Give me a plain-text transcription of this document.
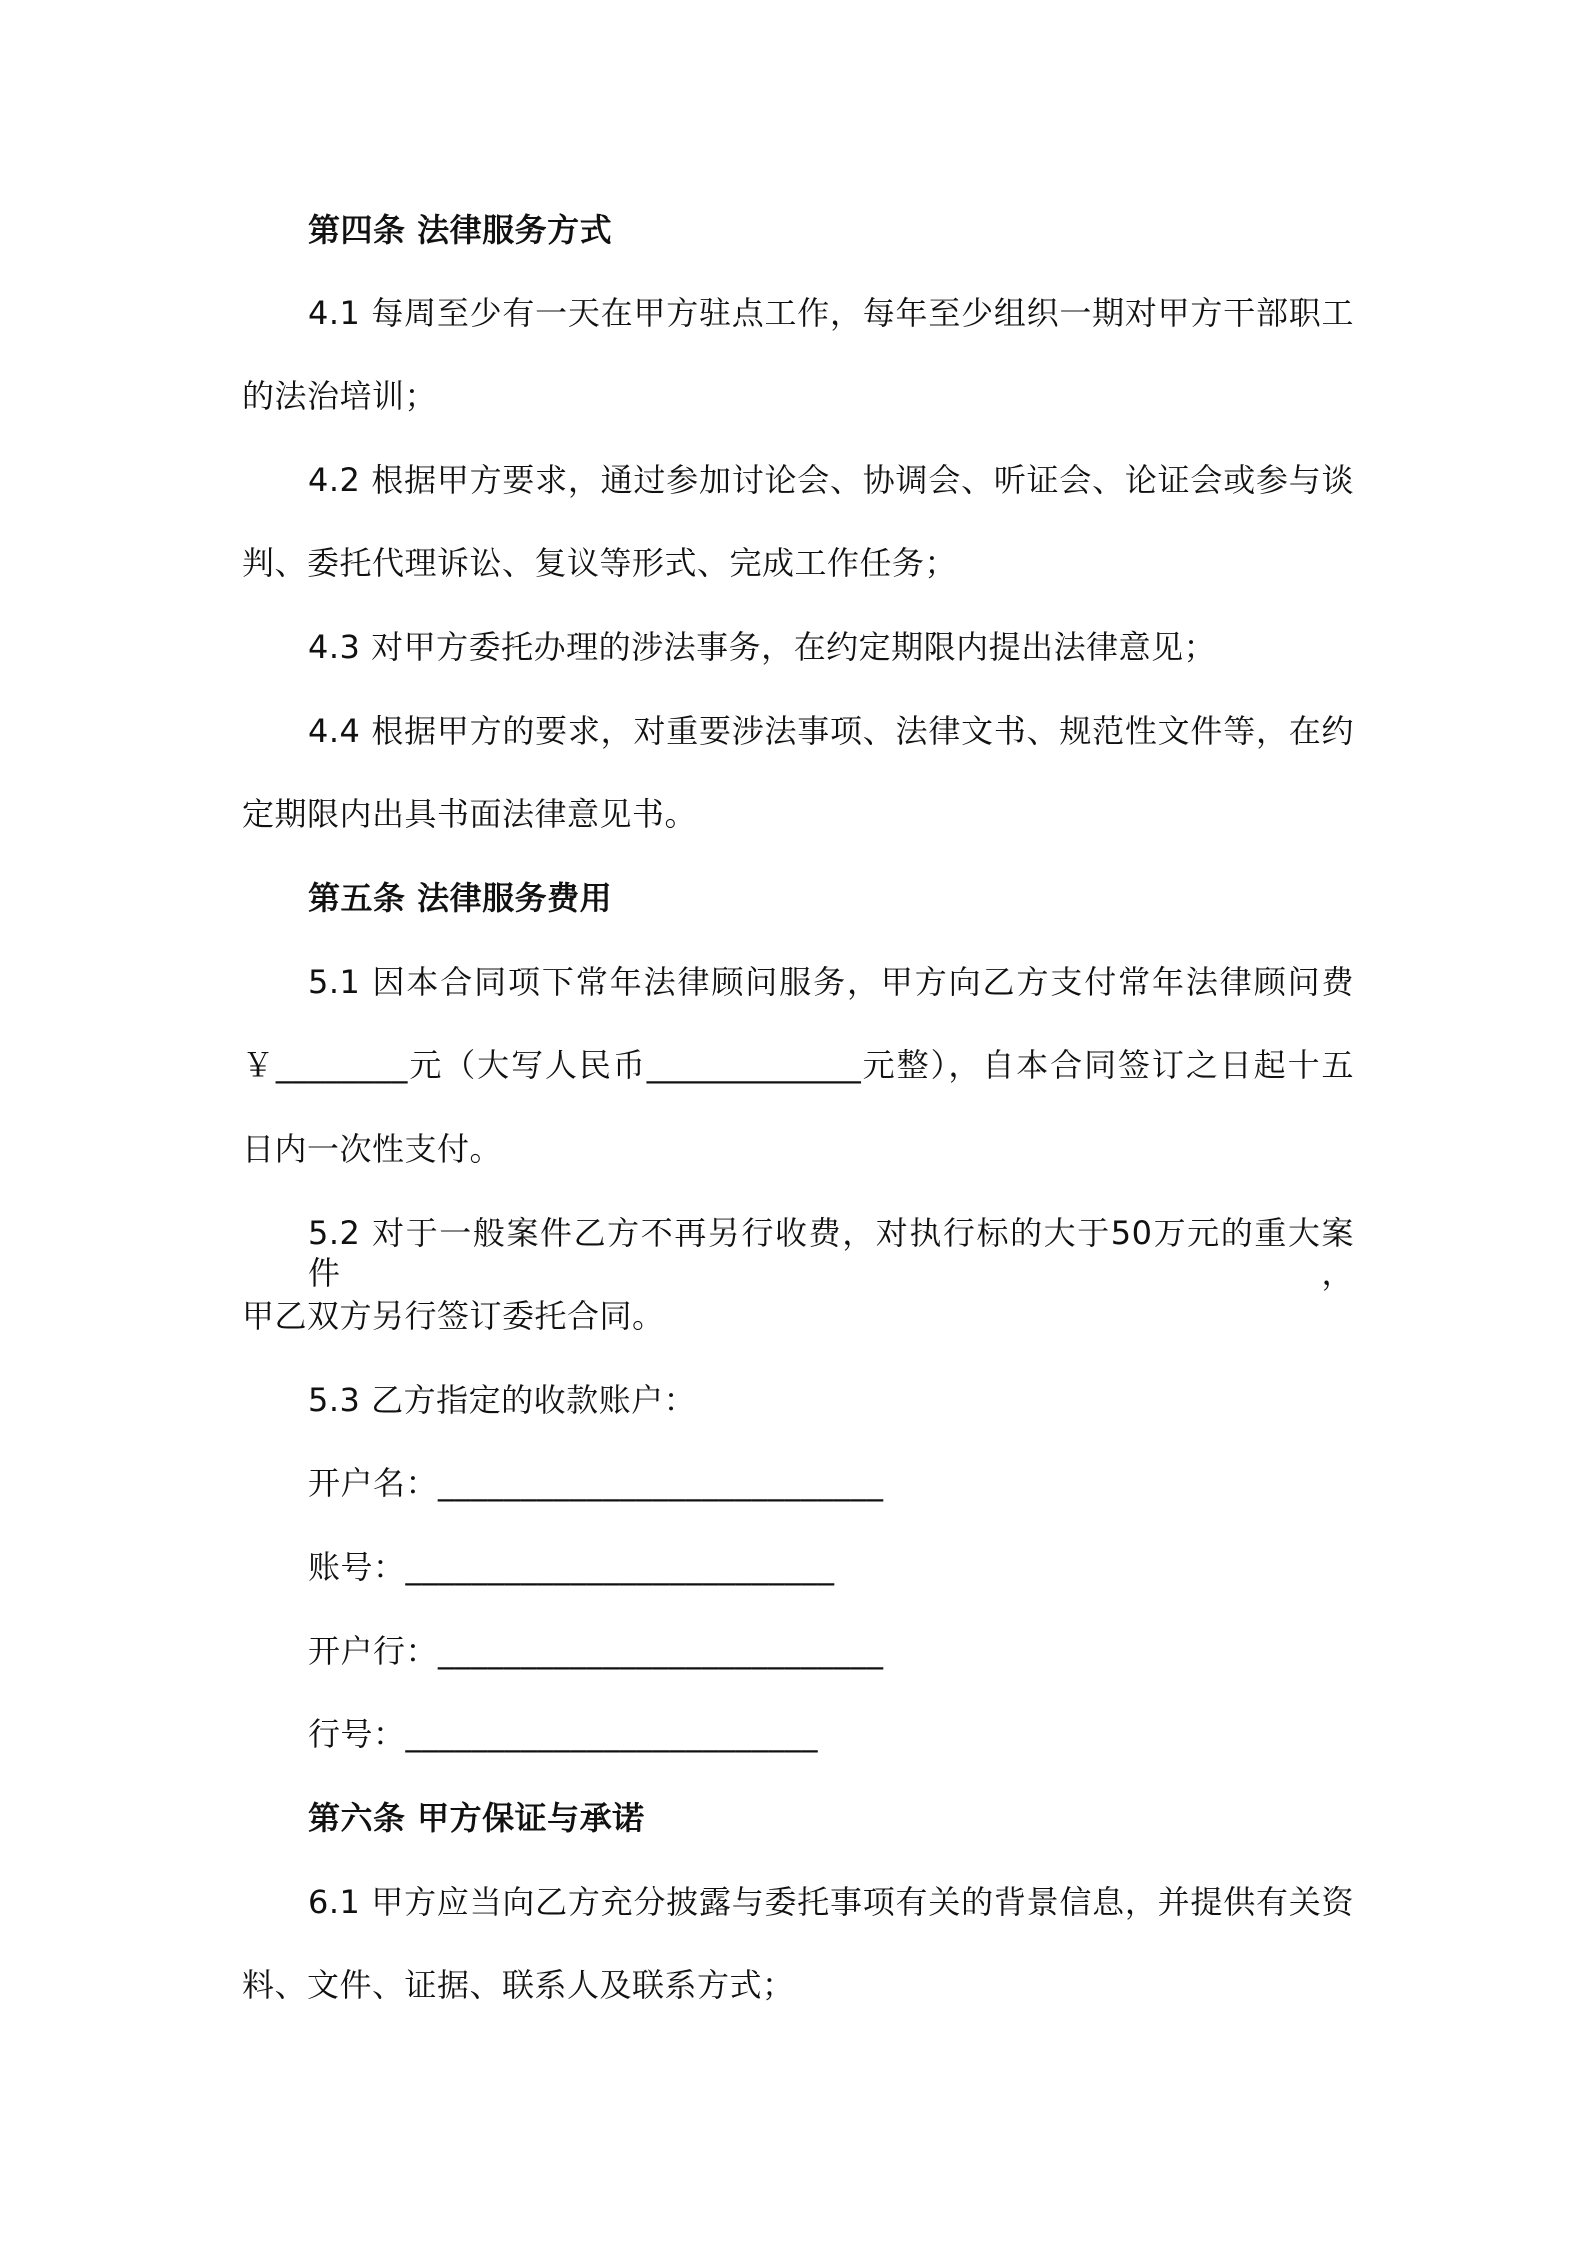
第四条 法律服务方式
4.1 每周至少有一天在甲方驻点工作，每年至少组织一期对甲方干部职工
的法治培训；
4.2 根据甲方要求，通过参加讨论会、协调会、听证会、论证会或参与谈
判、委托代理诉讼、复议等形式、完成工作任务；
4.3 对甲方委托办理的涉法事务，在约定期限内提出法律意见；
4.4 根据甲方的要求，对重要涉法事项、法律文书、规范性文件等，在约
定期限内出具书面法律意见书。
第五条 法律服务费用
5.1 因本合同项下常年法律顾问服务，甲方向乙方支付常年法律顾问费
￥________元（大写人民币_____________元整），自本合同签订之日起十五
日内一次性支付。
5.2 对于一般案件乙方不再另行收费，对执行标的大于50万元的重大案件，
甲乙双方另行签订委托合同。
5.3 乙方指定的收款账户：
开户名：___________________________
账号：__________________________
开户行：___________________________
行号：_________________________
第六条 甲方保证与承诺
6.1 甲方应当向乙方充分披露与委托事项有关的背景信息，并提供有关资
料、文件、证据、联系人及联系方式；
